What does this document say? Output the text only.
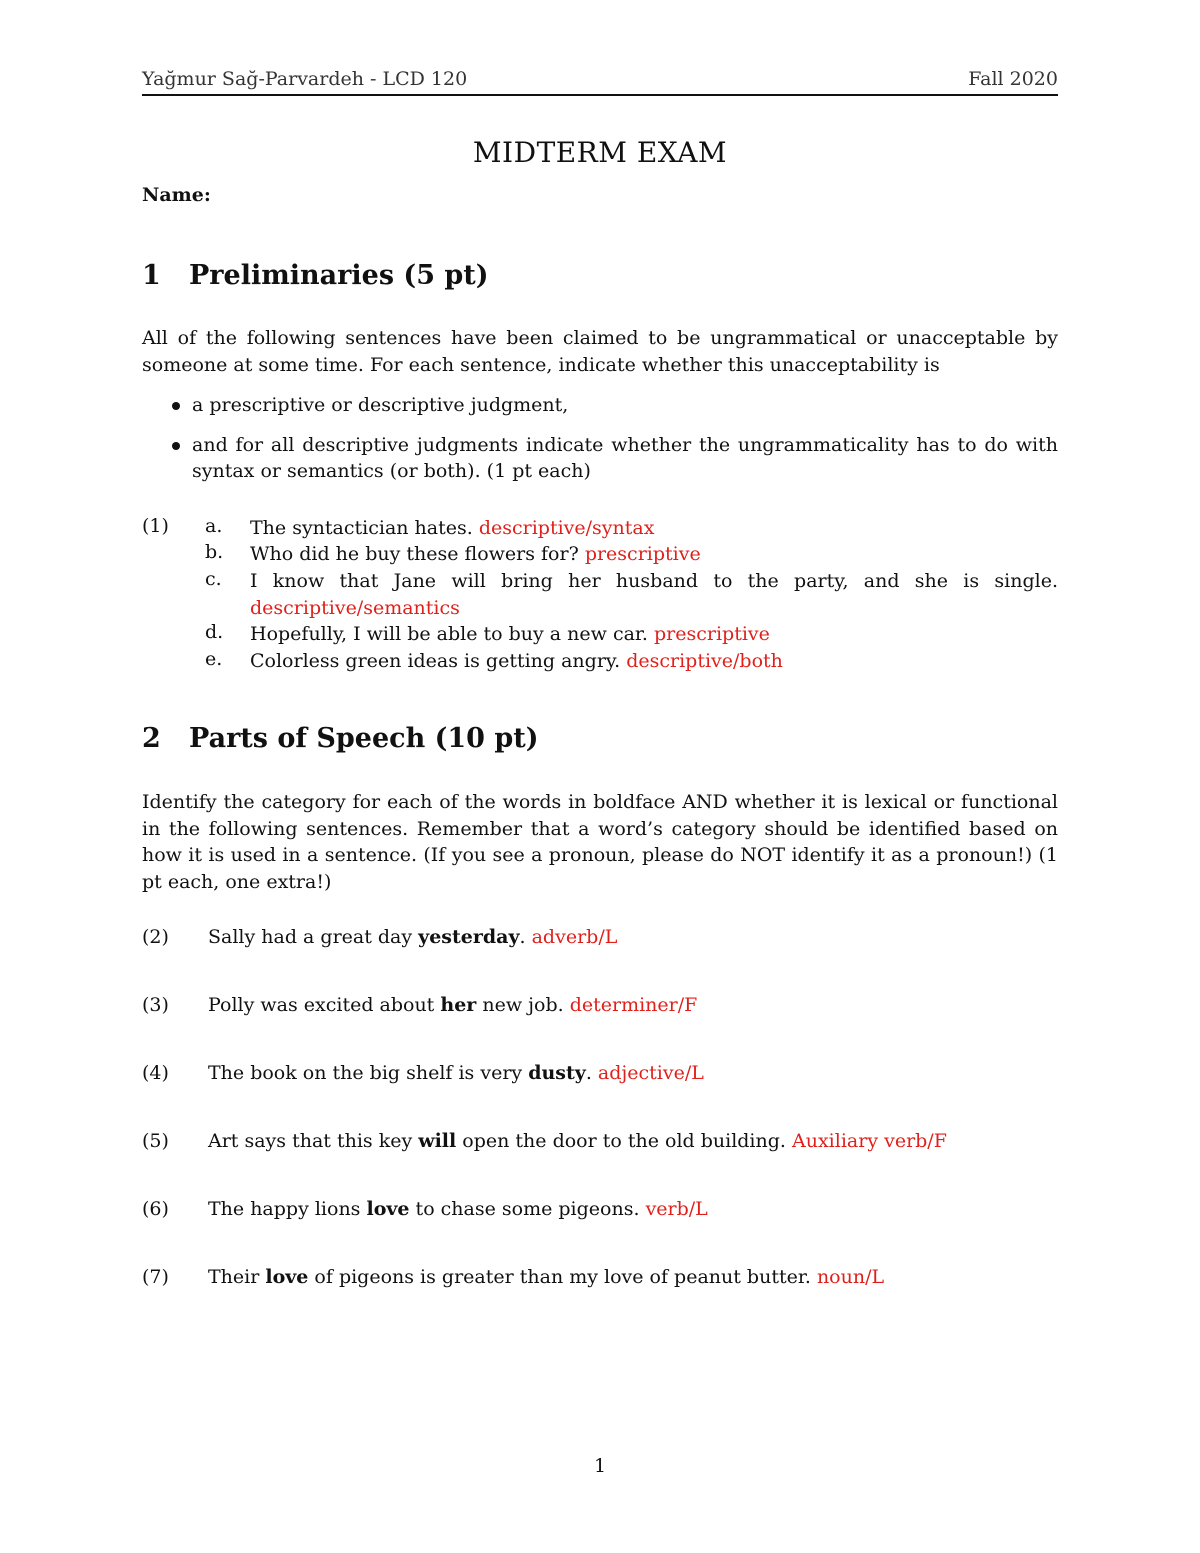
Yağmur Sağ-Parvardeh - LCD 120	Fall 2020
MIDTERM EXAM
Name:
1 Preliminaries (5 pt)
All of the following sentences have been claimed to be ungrammatical or unacceptable by someone at some time. For each sentence, indicate whether this unacceptability is
a prescriptive or descriptive judgment,
and for all descriptive judgments indicate whether the ungrammaticality has to do with syntax or semantics (or both). (1 pt each)
(1) a. The syntactician hates. descriptive/syntax
b. Who did he buy these flowers for? prescriptive
c. I know that Jane will bring her husband to the party, and she is single. descriptive/semantics
d. Hopefully, I will be able to buy a new car. prescriptive
e. Colorless green ideas is getting angry. descriptive/both
2 Parts of Speech (10 pt)
Identify the category for each of the words in boldface AND whether it is lexical or functional in the following sentences. Remember that a word’s category should be identified based on how it is used in a sentence. (If you see a pronoun, please do NOT identify it as a pronoun!) (1 pt each, one extra!)
(2) Sally had a great day yesterday. adverb/L
(3) Polly was excited about her new job. determiner/F
(4) The book on the big shelf is very dusty. adjective/L
(5) Art says that this key will open the door to the old building. Auxiliary verb/F
(6) The happy lions love to chase some pigeons. verb/L
(7) Their love of pigeons is greater than my love of peanut butter. noun/L
1
